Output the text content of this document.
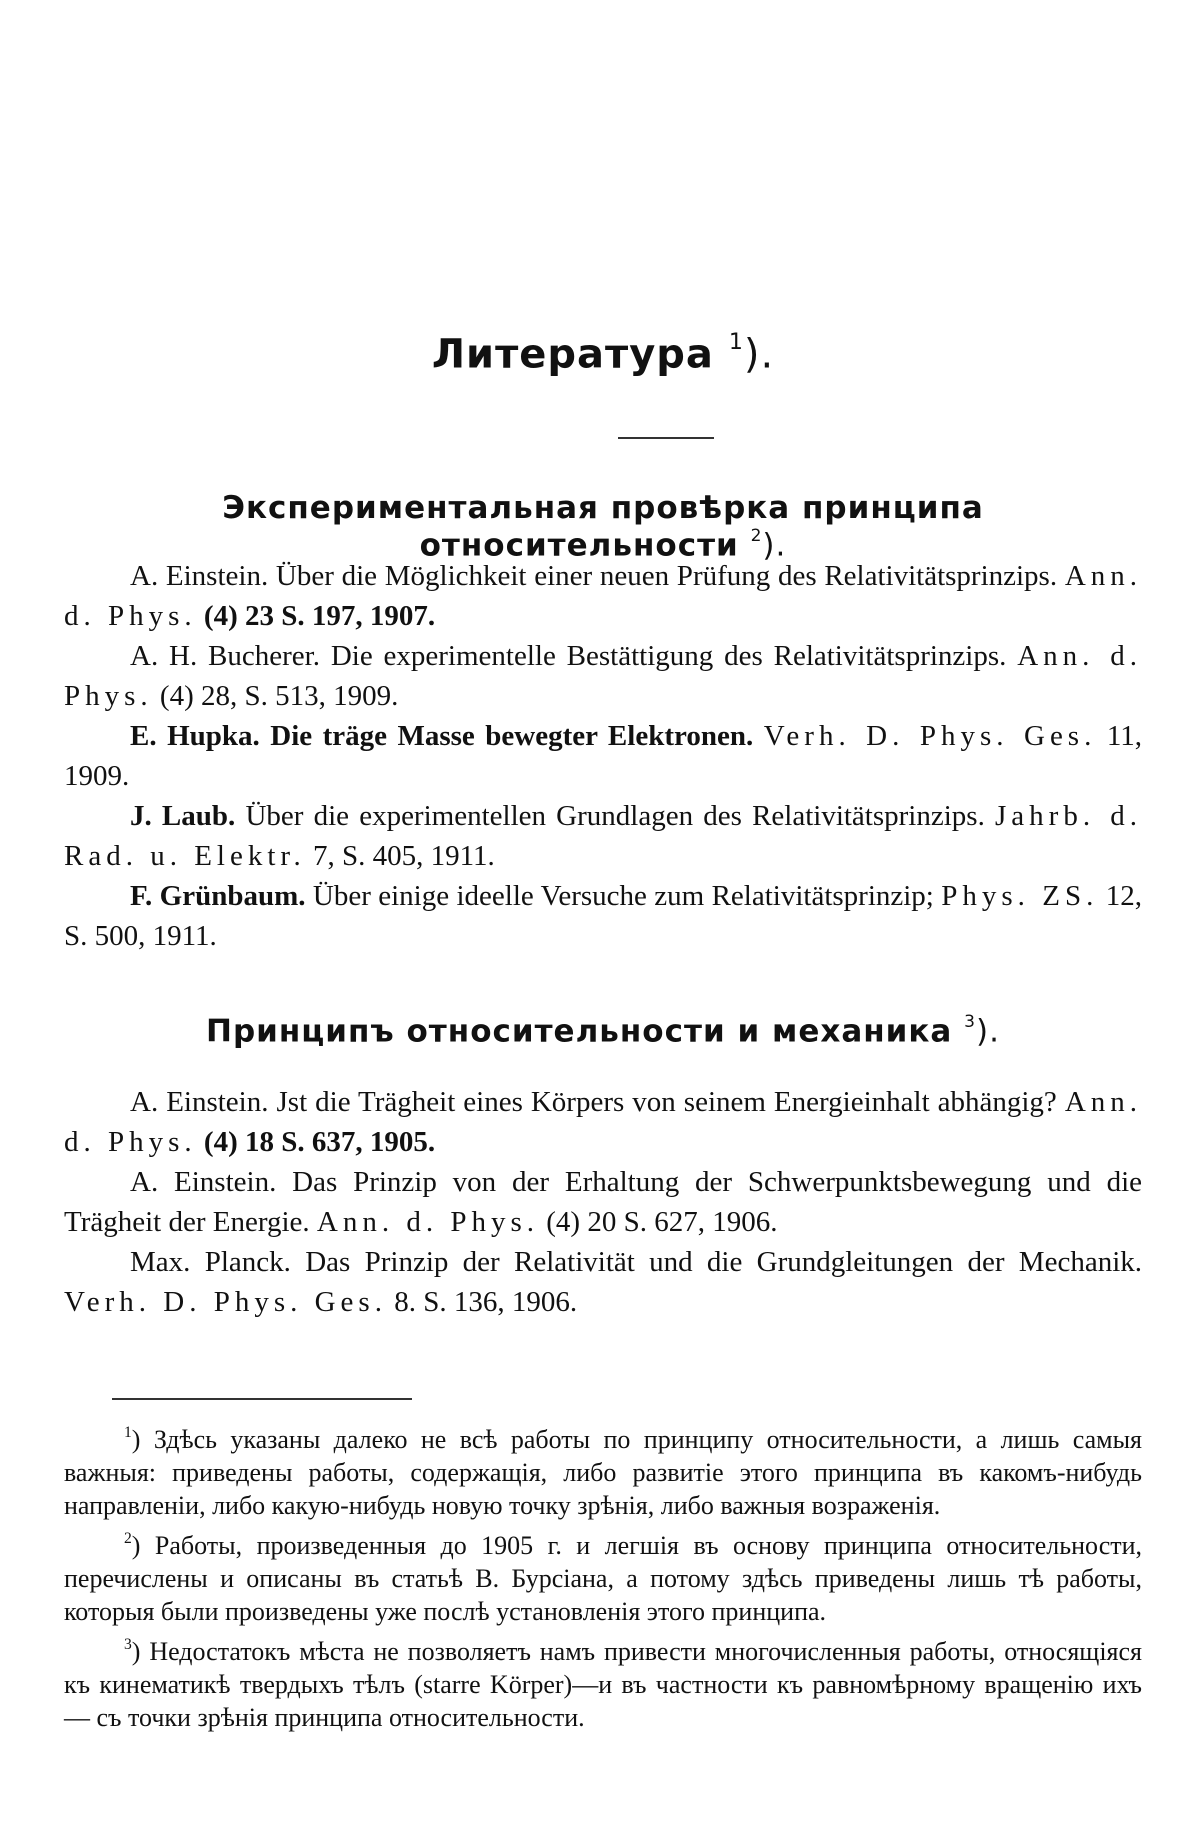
Литература $^1$).
Экспериментальная провѣрка принципа относительности $^2$).

A. Einstein. Über die Möglichkeit einer neuen Prüfung des Relativitätsprinzips. Ann. d. Phys. (4) 23 S. 197, 1907.

A. H. Bucherer. Die experimentelle Bestättigung des Relativitätsprinzips. Ann. d. Phys. (4) 28, S. 513, 1909.

E. Hupka. Die träge Masse bewegter Elektronen. Verh. D. Phys. Ges. 11, 1909.

J. Laub. Über die experimentellen Grundlagen des Relativitätsprinzips. Jahrb. d. Rad. u. Elektr. 7, S. 405, 1911.

F. Grünbaum. Über einige ideelle Versuche zum Relativitätsprinzip; Phys. ZS. 12, S. 500, 1911.

Принципъ относительности и механика $^3$).

A. Einstein. Jst die Trägheit eines Körpers von seinem Energieinhalt abhängig? Ann. d. Phys. (4) 18 S. 637, 1905.

A. Einstein. Das Prinzip von der Erhaltung der Schwerpunktsbewegung und die Trägheit der Energie. Ann. d. Phys. (4) 20 S. 627, 1906.

Max. Planck. Das Prinzip der Relativität und die Grundgleitungen der Mechanik. Verh. D. Phys. Ges. 8. S. 136, 1906.

$^1$) Здѣсь указаны далеко не всѣ работы по принципу относительности, а лишь самыя важныя: приведены работы, содержащія, либо развитіе этого принципа въ какомъ-нибудь направленіи, либо какую-нибудь новую точку зрѣнія, либо важныя возраженія.

$^2$) Работы, произведенныя до 1905 г. и легшія въ основу принципа относительности, перечислены и описаны въ статьѣ В. Бурсіана, а потому здѣсь приведены лишь тѣ работы, которыя были произведены уже послѣ установленія этого принципа.

$^3$) Недостатокъ мѣста не позволяетъ намъ привести многочисленныя работы, относящіяся къ кинематикѣ твердыхъ тѣлъ (starre Körper)—и въ частности къ равномѣрному вращенію ихъ — съ точки зрѣнія принципа относительности.
